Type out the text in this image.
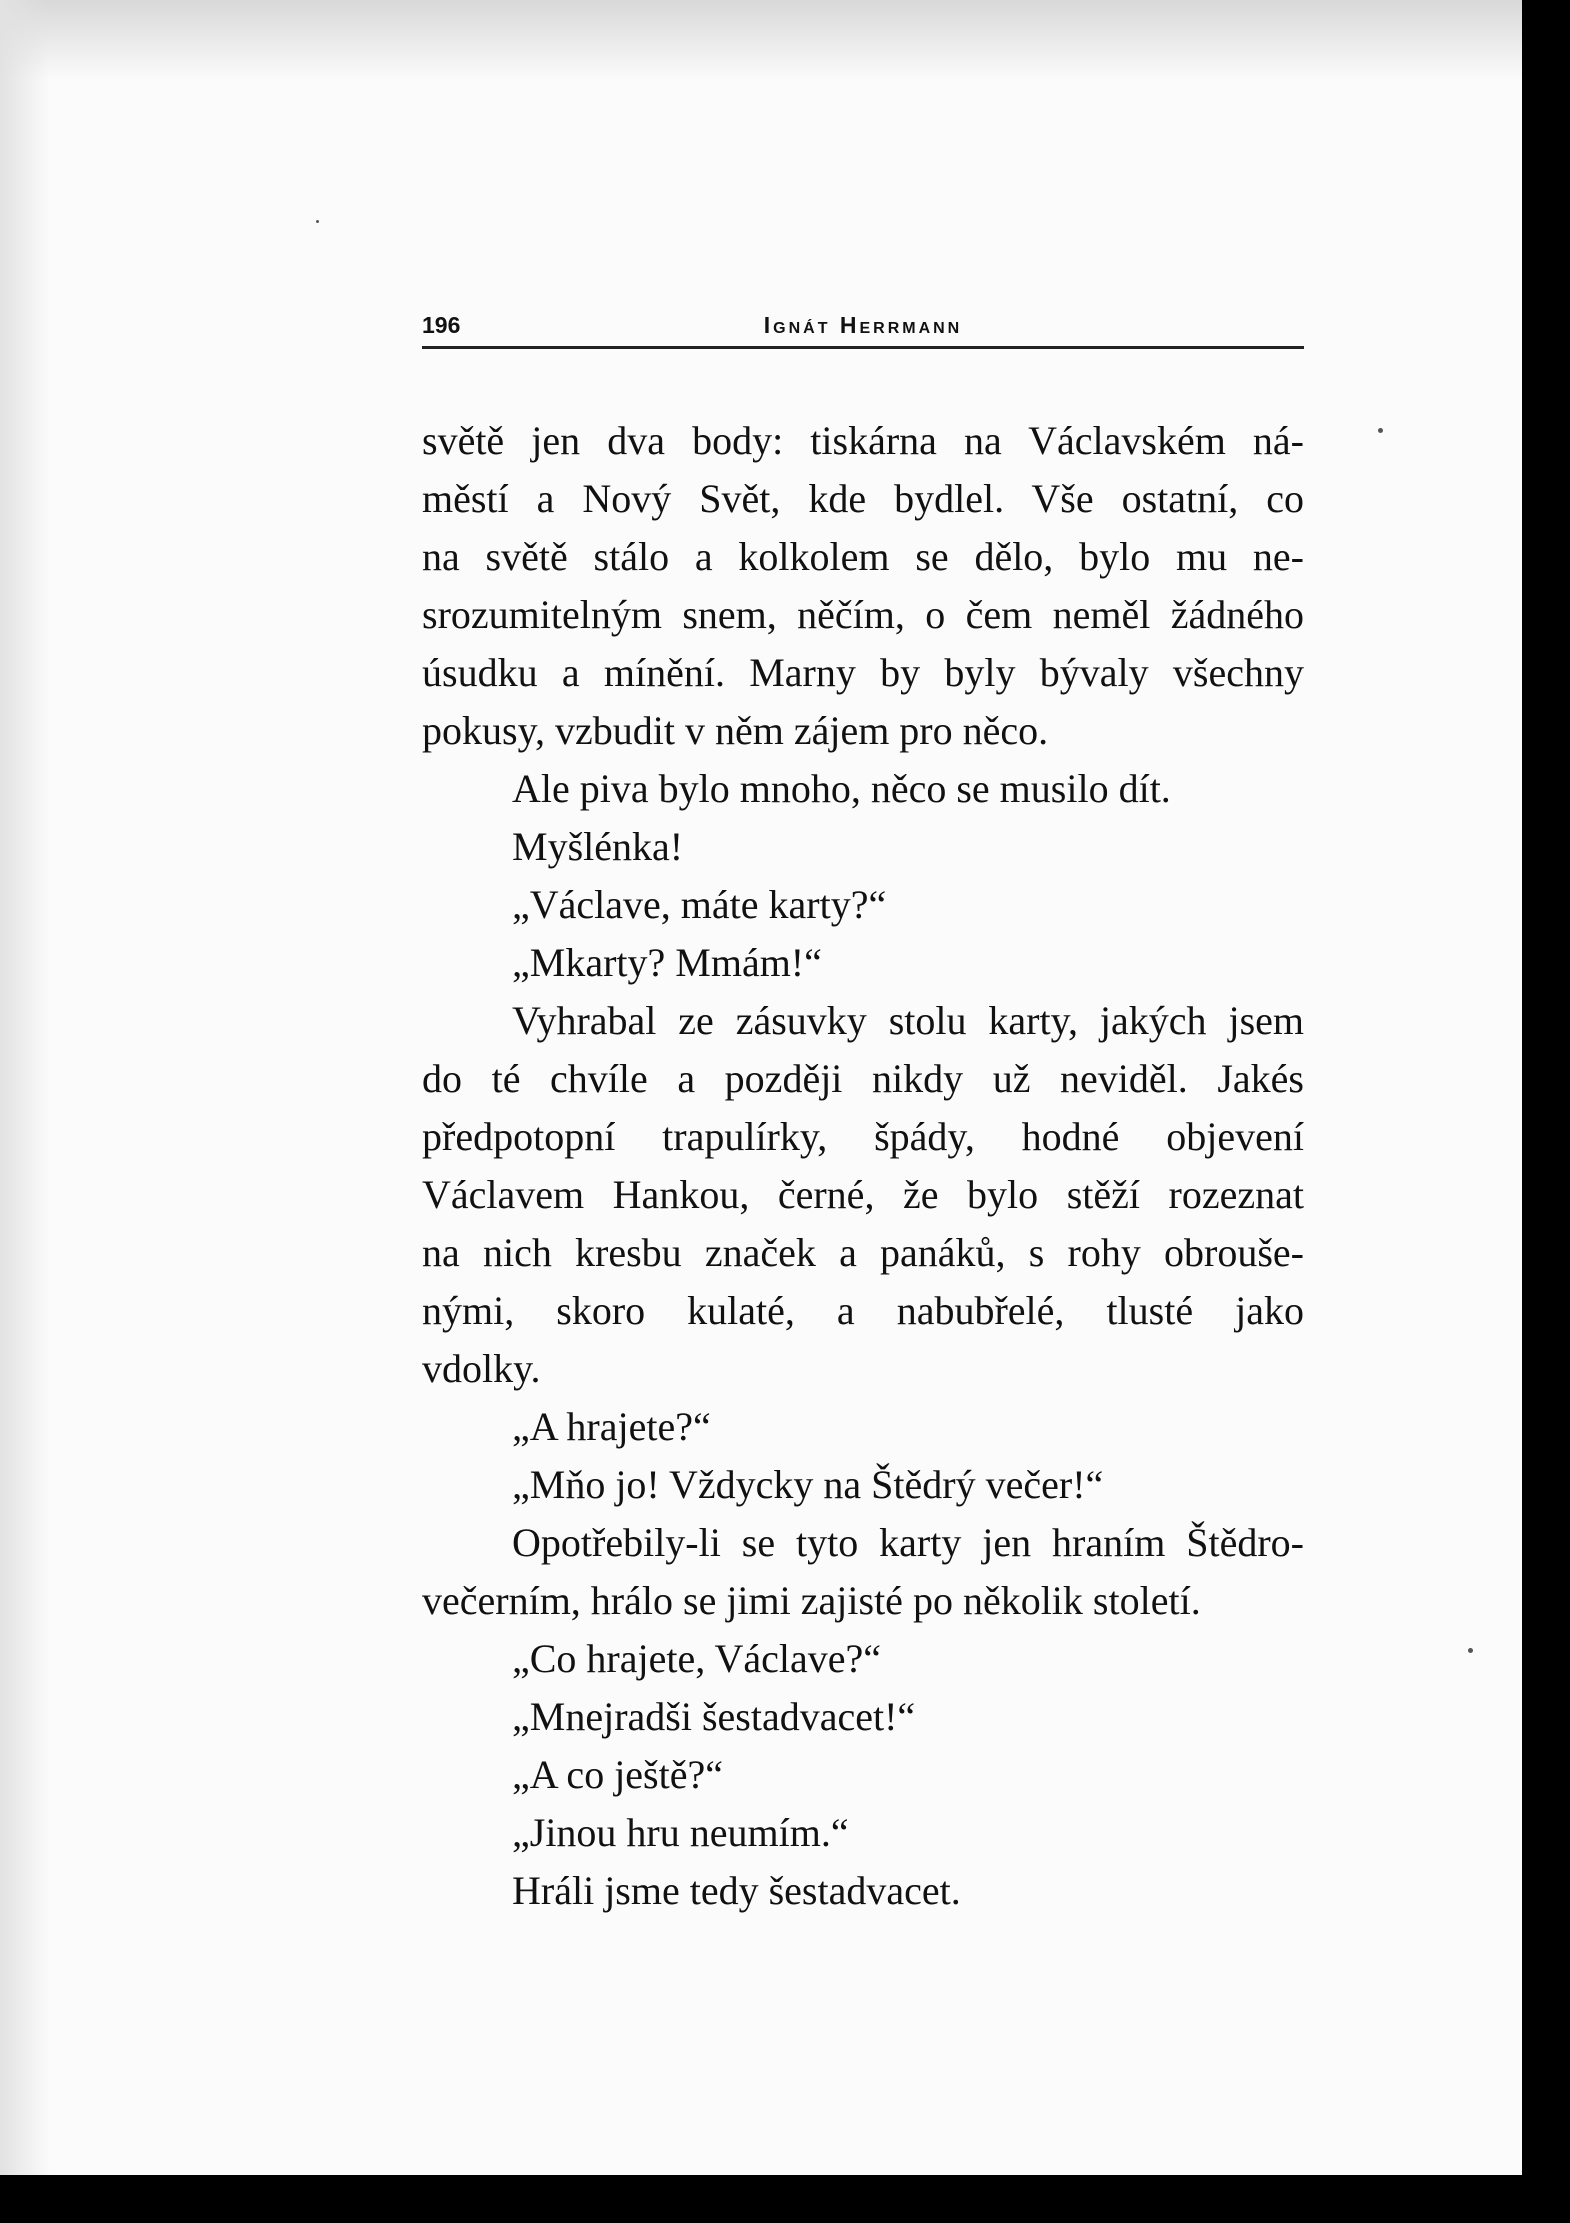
196	Ignát Herrmann
světě jen dva body: tiskárna na Václavském ná-
městí a Nový Svět, kde bydlel. Vše ostatní, co
na světě stálo a kolkolem se dělo, bylo mu ne-
srozumitelným snem, něčím, o čem neměl žádného
úsudku a mínění. Marny by byly bývaly všechny
pokusy, vzbudit v něm zájem pro něco.
Ale piva bylo mnoho, něco se musilo dít.
Myšlénka!
„Václave, máte karty?“
„Mkarty? Mmám!“
Vyhrabal ze zásuvky stolu karty, jakých jsem
do té chvíle a později nikdy už neviděl. Jakés
předpotopní trapulírky, špády, hodné objevení
Václavem Hankou, černé, že bylo stěží rozeznat
na nich kresbu značek a panáků, s rohy obrouše-
nými, skoro kulaté, a nabubřelé, tlusté jako
vdolky.
„A hrajete?“
„Mňo jo! Vždycky na Štědrý večer!“
Opotřebily-li se tyto karty jen hraním Štědro-
večerním, hrálo se jimi zajisté po několik století.
„Co hrajete, Václave?“
„Mnejradši šestadvacet!“
„A co ještě?“
„Jinou hru neumím.“
Hráli jsme tedy šestadvacet.
